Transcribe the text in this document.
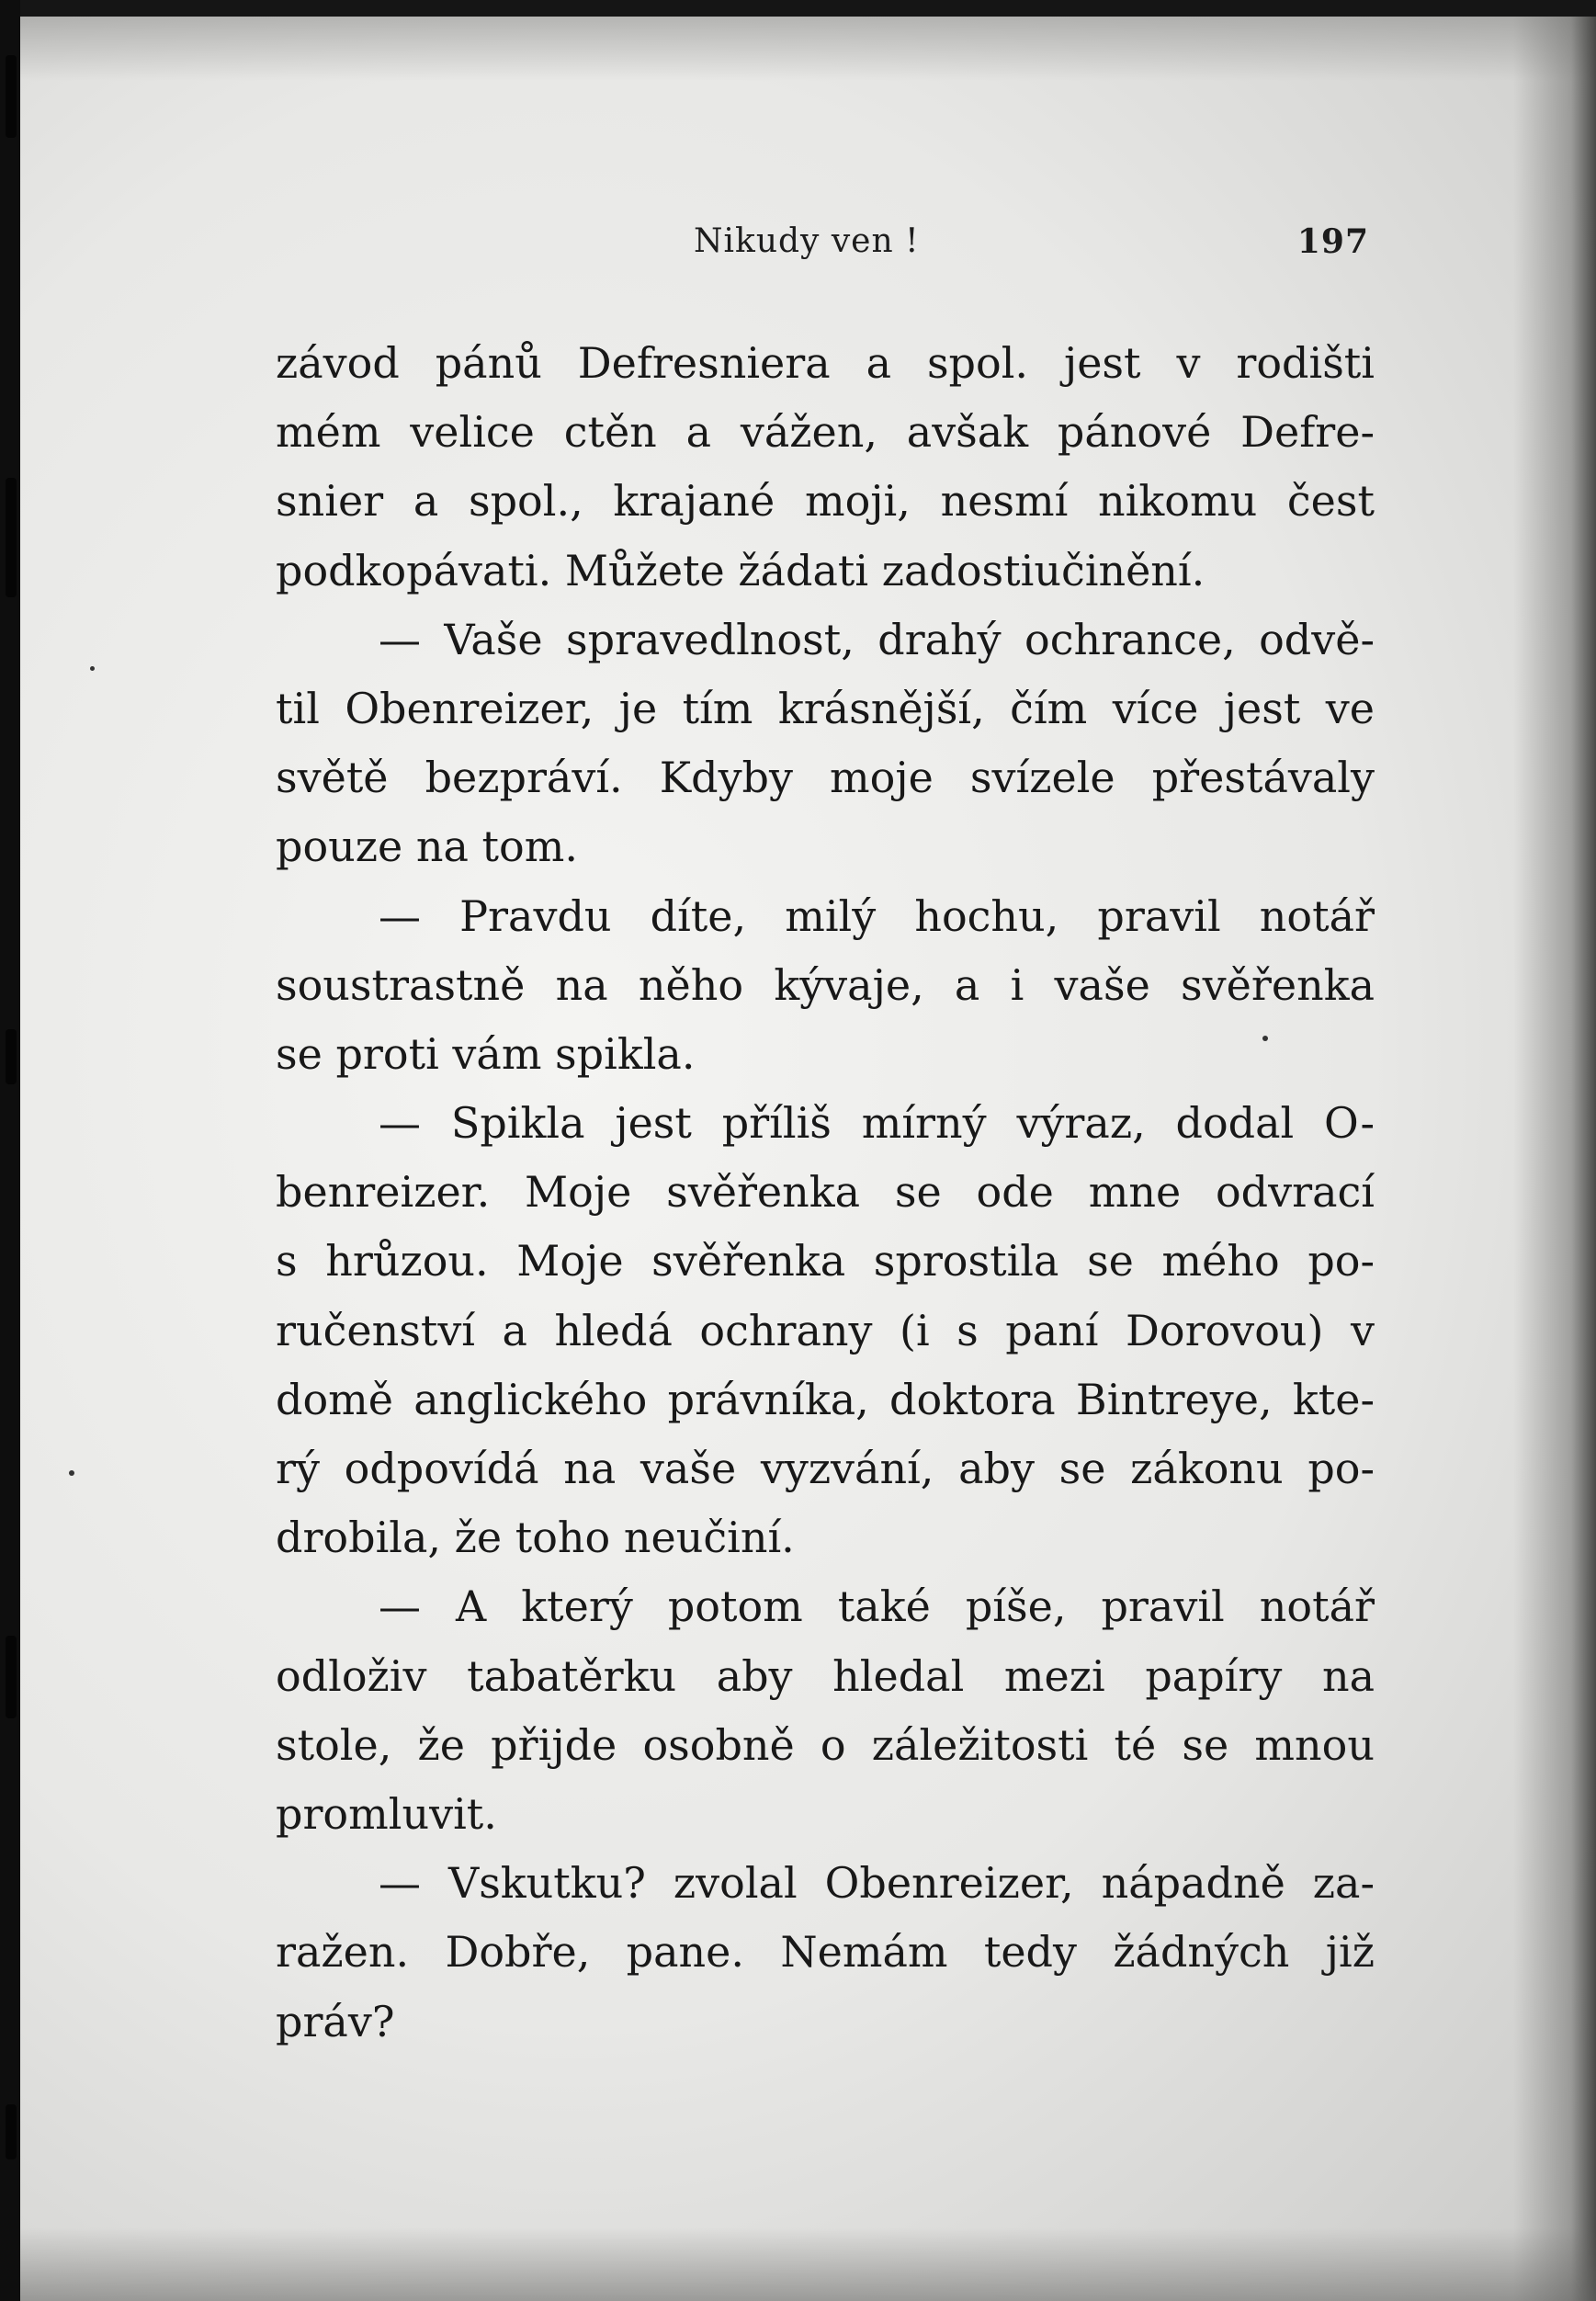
Nikudy ven !	197
závod pánů Defresniera a spol. jest v rodišti
mém velice ctěn a vážen, avšak pánové Defre-
snier a spol., krajané moji, nesmí nikomu čest
podkopávati. Můžete žádati zadostiučinění.
— Vaše spravedlnost, drahý ochrance, odvě-
til Obenreizer, je tím krásnější, čím více jest ve
světě bezpráví. Kdyby moje svízele přestávaly
pouze na tom.
— Pravdu díte, milý hochu, pravil notář
soustrastně na něho kývaje, a i vaše svěřenka
se proti vám spikla.
— Spikla jest příliš mírný výraz, dodal O-
benreizer. Moje svěřenka se ode mne odvrací
s hrůzou. Moje svěřenka sprostila se mého po-
ručenství a hledá ochrany (i s paní Dorovou) v
domě anglického právníka, doktora Bintreye, kte-
rý odpovídá na vaše vyzvání, aby se zákonu po-
drobila, že toho neučiní.
— A který potom také píše, pravil notář
odloživ tabatěrku aby hledal mezi papíry na
stole, že přijde osobně o záležitosti té se mnou
promluvit.
— Vskutku? zvolal Obenreizer, nápadně za-
ražen. Dobře, pane. Nemám tedy žádných již
práv?
